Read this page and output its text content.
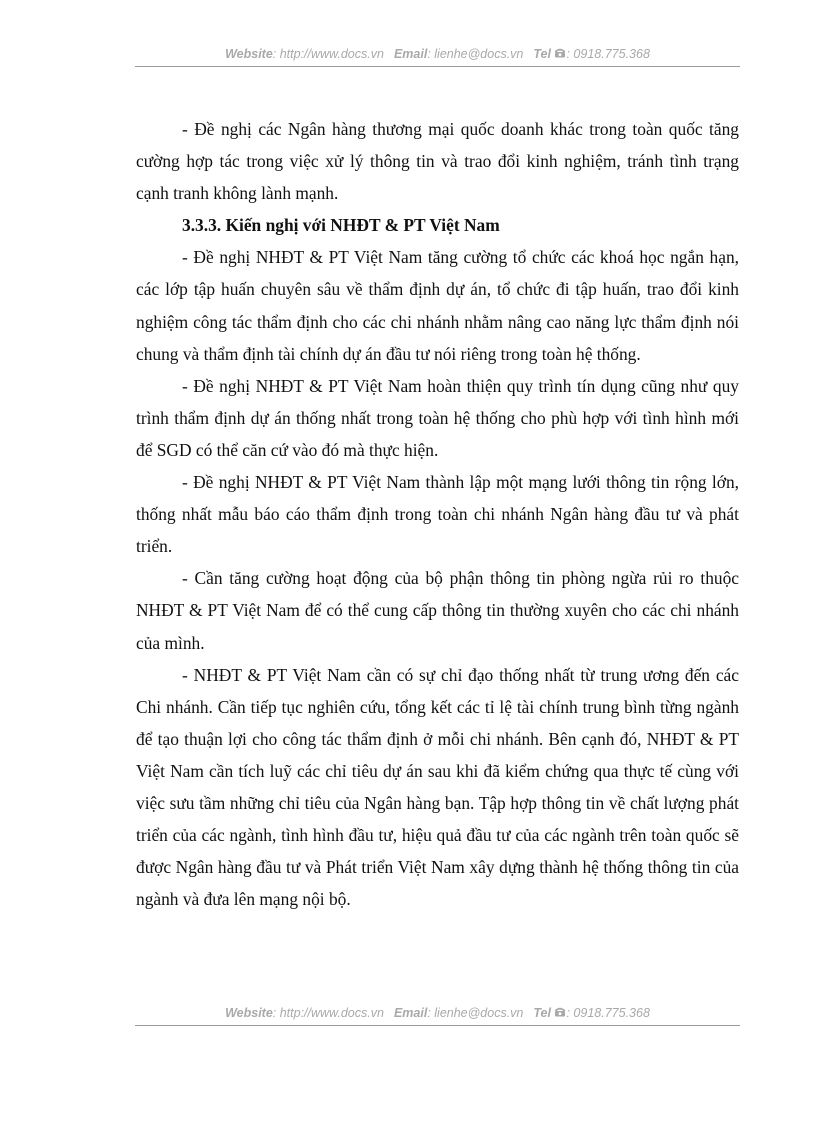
Website: http://www.docs.vn Email: lienhe@docs.vn Tel : 0918.775.368

- Đề nghị các Ngân hàng thương mại quốc doanh khác trong toàn quốc tăng cường hợp tác trong việc xử lý thông tin và trao đổi kinh nghiệm, tránh tình trạng cạnh tranh không lành mạnh.

3.3.3. Kiến nghị với NHĐT & PT Việt Nam

- Đề nghị NHĐT & PT Việt Nam tăng cường tổ chức các khoá học ngắn hạn, các lớp tập huấn chuyên sâu về thẩm định dự án, tổ chức đi tập huấn, trao đổi kinh nghiệm công tác thẩm định cho các chi nhánh nhằm nâng cao năng lực thẩm định nói chung và thẩm định tài chính dự án đầu tư nói riêng trong toàn hệ thống.

- Đề nghị NHĐT & PT Việt Nam hoàn thiện quy trình tín dụng cũng như quy trình thẩm định dự án thống nhất trong toàn hệ thống cho phù hợp với tình hình mới để SGD có thể căn cứ vào đó mà thực hiện.

- Đề nghị NHĐT & PT Việt Nam thành lập một mạng lưới thông tin rộng lớn, thống nhất mẫu báo cáo thẩm định trong toàn chi nhánh Ngân hàng đầu tư và phát triển.

- Cần tăng cường hoạt động của bộ phận thông tin phòng ngừa rủi ro thuộc NHĐT & PT Việt Nam để có thể cung cấp thông tin thường xuyên cho các chi nhánh của mình.

- NHĐT & PT Việt Nam cần có sự chỉ đạo thống nhất từ trung ương đến các Chi nhánh. Cần tiếp tục nghiên cứu, tổng kết các tỉ lệ tài chính trung bình từng ngành để tạo thuận lợi cho công tác thẩm định ở mỗi chi nhánh. Bên cạnh đó, NHĐT & PT Việt Nam cần tích luỹ các chỉ tiêu dự án sau khi đã kiểm chứng qua thực tế cùng với việc sưu tầm những chỉ tiêu của Ngân hàng bạn. Tập hợp thông tin về chất lượng phát triển của các ngành, tình hình đầu tư, hiệu quả đầu tư của các ngành trên toàn quốc sẽ được Ngân hàng đầu tư và Phát triển Việt Nam xây dựng thành hệ thống thông tin của ngành và đưa lên mạng nội bộ.

Website: http://www.docs.vn Email: lienhe@docs.vn Tel : 0918.775.368
